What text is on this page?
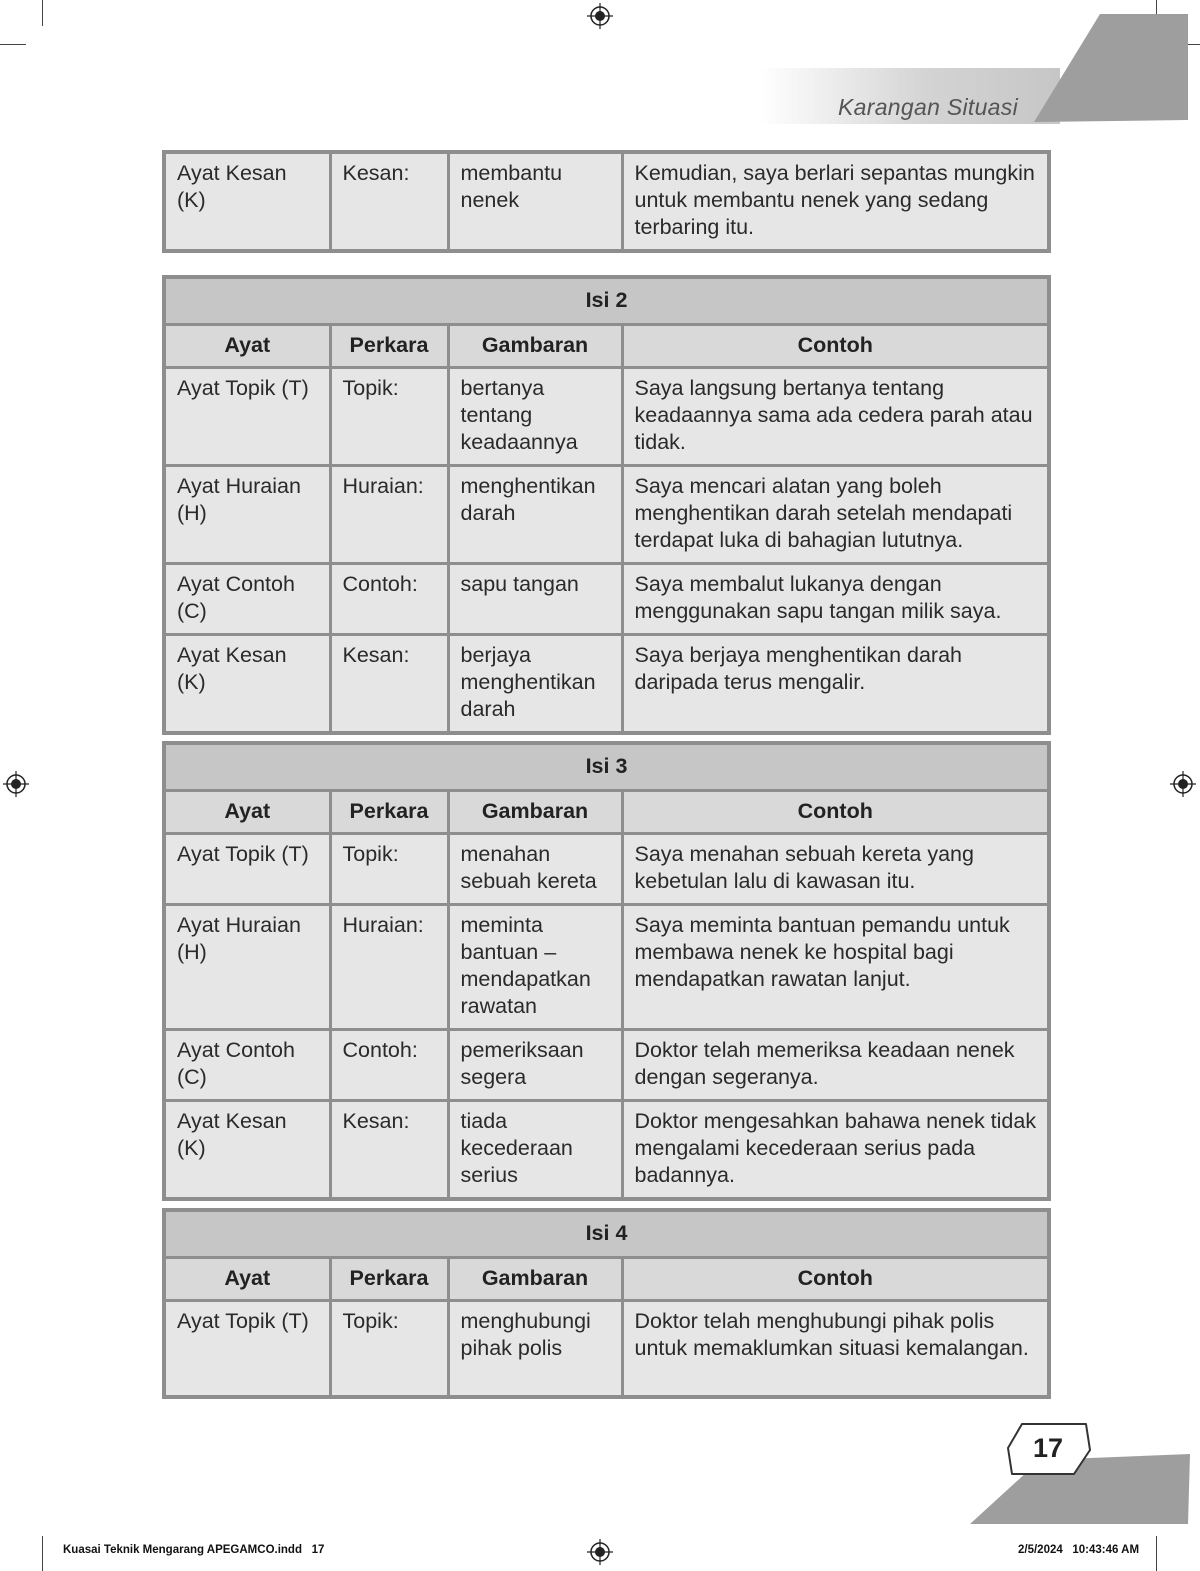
Karangan Situasi
Ayat Kesan (K)	Kesan:	membantu nenek	Kemudian, saya berlari sepantas mungkin untuk membantu nenek yang sedang terbaring itu.
Isi 2			
Ayat	Perkara	Gambaran	Contoh
Ayat Topik (T)	Topik:	bertanya tentang keadaannya	Saya langsung bertanya tentang keadaannya sama ada cedera parah atau tidak.
Ayat Huraian (H)	Huraian:	menghentikan darah	Saya mencari alatan yang boleh menghentikan darah setelah mendapati terdapat luka di bahagian lututnya.
Ayat Contoh (C)	Contoh:	sapu tangan	Saya membalut lukanya dengan menggunakan sapu tangan milik saya.
Ayat Kesan (K)	Kesan:	berjaya menghentikan darah	Saya berjaya menghentikan darah daripada terus mengalir.
Isi 3			
Ayat	Perkara	Gambaran	Contoh
Ayat Topik (T)	Topik:	menahan sebuah kereta	Saya menahan sebuah kereta yang kebetulan lalu di kawasan itu.
Ayat Huraian (H)	Huraian:	meminta bantuan – mendapatkan rawatan	Saya meminta bantuan pemandu untuk membawa nenek ke hospital bagi mendapatkan rawatan lanjut.
Ayat Contoh (C)	Contoh:	pemeriksaan segera	Doktor telah memeriksa keadaan nenek dengan segeranya.
Ayat Kesan (K)	Kesan:	tiada kecederaan serius	Doktor mengesahkan bahawa nenek tidak mengalami kecederaan serius pada badannya.
Isi 4			
Ayat	Perkara	Gambaran	Contoh
Ayat Topik (T)	Topik:	menghubungi pihak polis	Doktor telah menghubungi pihak polis untuk memaklumkan situasi kemalangan.
17
Kuasai Teknik Mengarang APEGAMCO.indd   17	2/5/2024   10:43:46 AM
